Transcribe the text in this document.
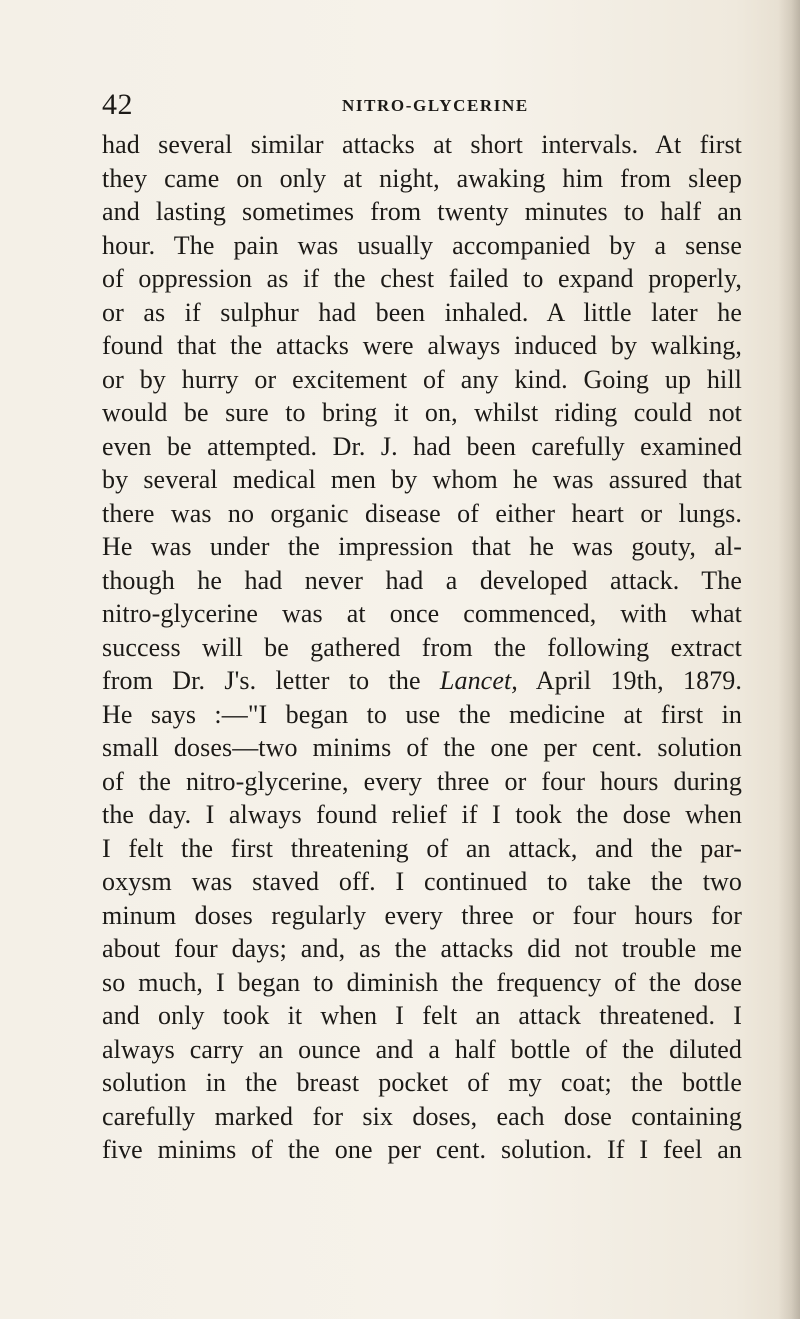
42	NITRO-GLYCERINE
had several similar attacks at short intervals. At first
they came on only at night, awaking him from sleep
and lasting sometimes from twenty minutes to half an
hour. The pain was usually accompanied by a sense
of oppression as if the chest failed to expand properly,
or as if sulphur had been inhaled. A little later he
found that the attacks were always induced by walking,
or by hurry or excitement of any kind. Going up hill
would be sure to bring it on, whilst riding could not
even be attempted. Dr. J. had been carefully examined
by several medical men by whom he was assured that
there was no organic disease of either heart or lungs.
He was under the impression that he was gouty, al-
though he had never had a developed attack. The
nitro-glycerine was at once commenced, with what
success will be gathered from the following extract
from Dr. J's. letter to the Lancet, April 19th, 1879.
He says :—"I began to use the medicine at first in
small doses—two minims of the one per cent. solution
of the nitro-glycerine, every three or four hours during
the day. I always found relief if I took the dose when
I felt the first threatening of an attack, and the par-
oxysm was staved off. I continued to take the two
minum doses regularly every three or four hours for
about four days; and, as the attacks did not trouble me
so much, I began to diminish the frequency of the dose
and only took it when I felt an attack threatened. I
always carry an ounce and a half bottle of the diluted
solution in the breast pocket of my coat; the bottle
carefully marked for six doses, each dose containing
five minims of the one per cent. solution. If I feel an
